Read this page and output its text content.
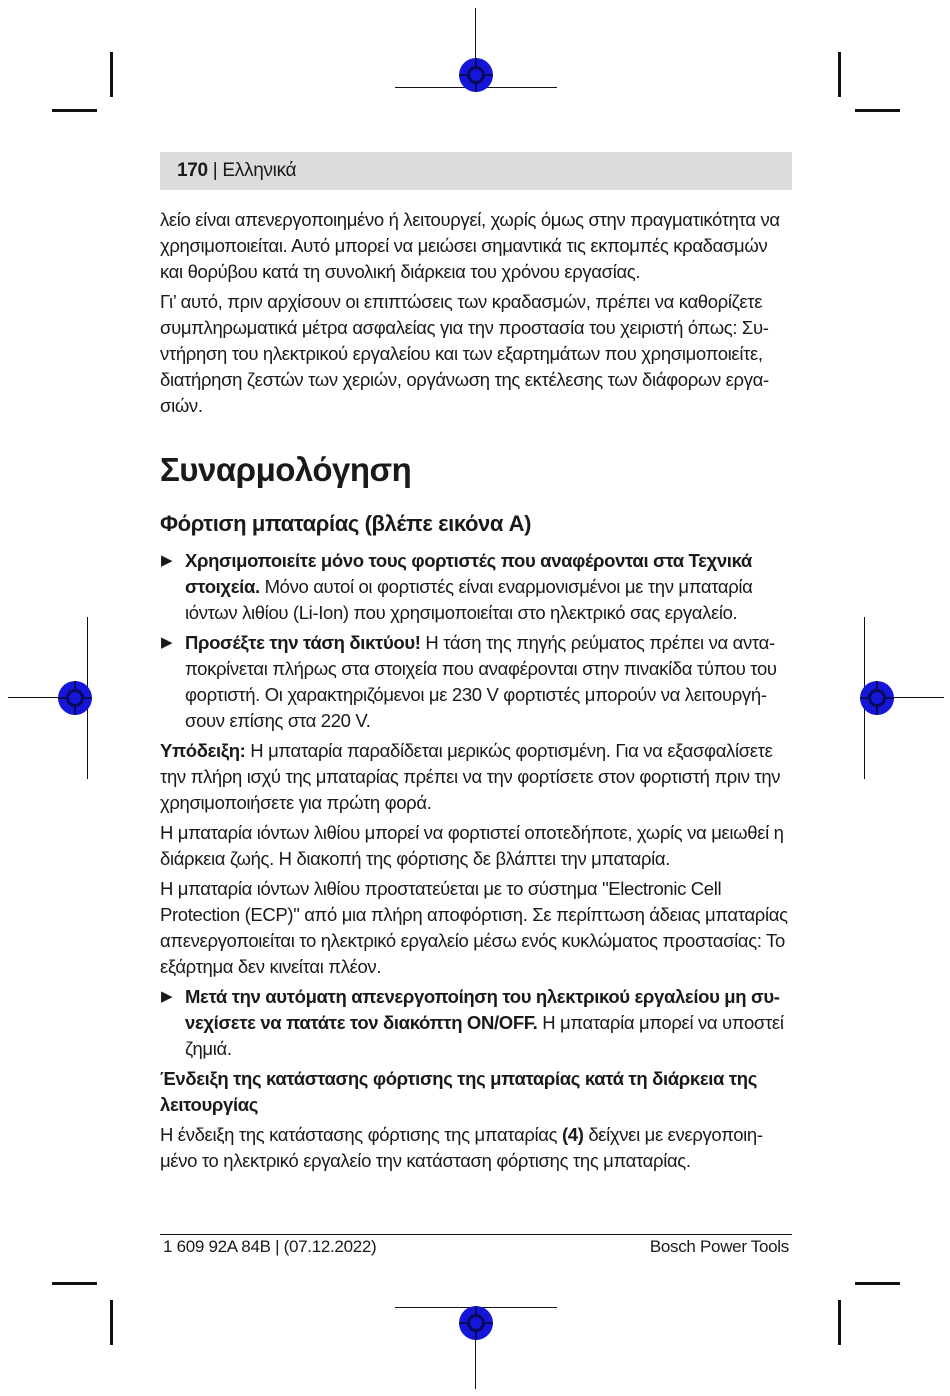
170 | Ελληνικά

λείο είναι απενεργοποιημένο ή λειτουργεί, χωρίς όμως στην πραγματικότητα να χρησιμοποιείται. Αυτό μπορεί να μειώσει σημαντικά τις εκπομπές κραδασμών και θορύβου κατά τη συνολική διάρκεια του χρόνου εργασίας.

Γι’ αυτό, πριν αρχίσουν οι επιπτώσεις των κραδασμών, πρέπει να καθορίζετε συμπληρωματικά μέτρα ασφαλείας για την προστασία του χειριστή όπως: Συντήρηση του ηλεκτρικού εργαλείου και των εξαρτημάτων που χρησιμοποιείτε, διατήρηση ζεστών των χεριών, οργάνωση της εκτέλεσης των διάφορων εργασιών.

Συναρμολόγηση
Φόρτιση μπαταρίας (βλέπε εικόνα A)
▶ Χρησιμοποιείτε μόνο τους φορτιστές που αναφέρονται στα Τεχνικά στοιχεία. Μόνο αυτοί οι φορτιστές είναι εναρμονισμένοι με την μπαταρία ιόντων λιθίου (Li-Ion) που χρησιμοποιείται στο ηλεκτρικό σας εργαλείο.
▶ Προσέξτε την τάση δικτύου! Η τάση της πηγής ρεύματος πρέπει να ανταποκρίνεται πλήρως στα στοιχεία που αναφέρονται στην πινακίδα τύπου του φορτιστή. Οι χαρακτηριζόμενοι με 230 V φορτιστές μπορούν να λειτουργήσουν επίσης στα 220 V.

Υπόδειξη: Η μπαταρία παραδίδεται μερικώς φορτισμένη. Για να εξασφαλίσετε την πλήρη ισχύ της μπαταρίας πρέπει να την φορτίσετε στον φορτιστή πριν την χρησιμοποιήσετε για πρώτη φορά.

Η μπαταρία ιόντων λιθίου μπορεί να φορτιστεί οποτεδήποτε, χωρίς να μειωθεί η διάρκεια ζωής. Η διακοπή της φόρτισης δε βλάπτει την μπαταρία.

Η μπαταρία ιόντων λιθίου προστατεύεται με το σύστημα "Electronic Cell Protection (ECP)" από μια πλήρη αποφόρτιση. Σε περίπτωση άδειας μπαταρίας απενεργοποιείται το ηλεκτρικό εργαλείο μέσω ενός κυκλώματος προστασίας: Το εξάρτημα δεν κινείται πλέον.

▶ Μετά την αυτόματη απενεργοποίηση του ηλεκτρικού εργαλείου μη συνεχίσετε να πατάτε τον διακόπτη ON/OFF. Η μπαταρία μπορεί να υποστεί ζημιά.
Ένδειξη της κατάστασης φόρτισης της μπαταρίας κατά τη διάρκεια της λειτουργίας

Η ένδειξη της κατάστασης φόρτισης της μπαταρίας (4) δείχνει με ενεργοποιημένο το ηλεκτρικό εργαλείο την κατάσταση φόρτισης της μπαταρίας.

1 609 92A 84B | (07.12.2022)	Bosch Power Tools
